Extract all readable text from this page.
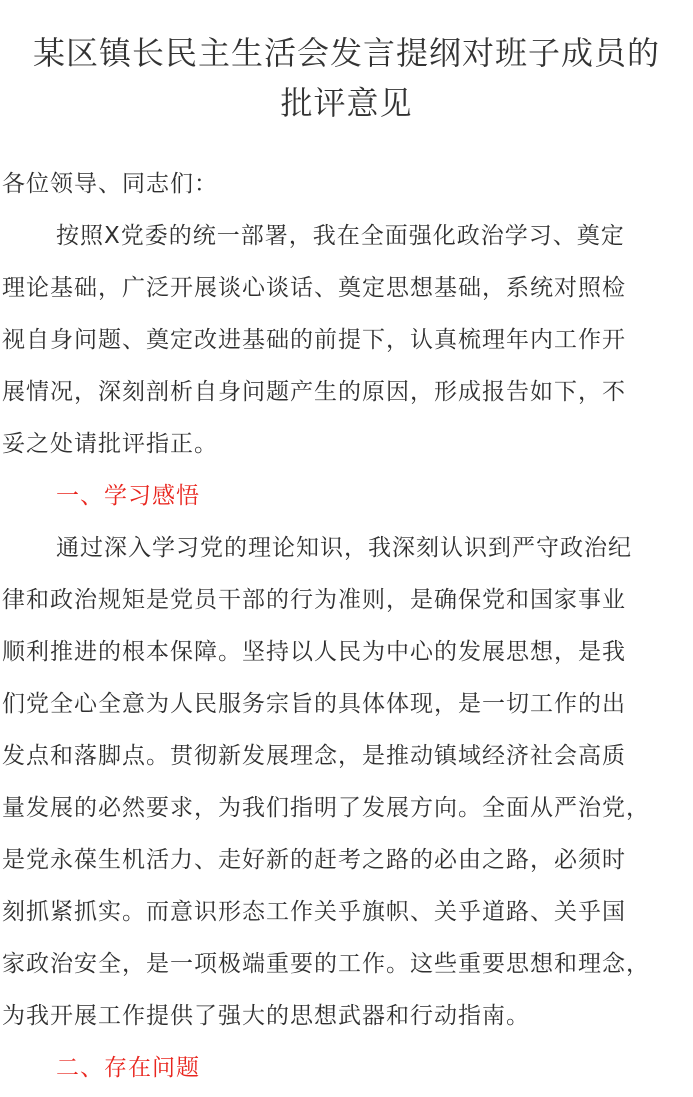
某区镇长民主生活会发言提纲对班子成员的
批评意见
各位领导、同志们：
按照X党委的统一部署，我在全面强化政治学习、奠定
理论基础，广泛开展谈心谈话、奠定思想基础，系统对照检
视自身问题、奠定改进基础的前提下，认真梳理年内工作开
展情况，深刻剖析自身问题产生的原因，形成报告如下，不
妥之处请批评指正。
一、学习感悟
通过深入学习党的理论知识，我深刻认识到严守政治纪
律和政治规矩是党员干部的行为准则，是确保党和国家事业
顺利推进的根本保障。坚持以人民为中心的发展思想，是我
们党全心全意为人民服务宗旨的具体体现，是一切工作的出
发点和落脚点。贯彻新发展理念，是推动镇域经济社会高质
量发展的必然要求，为我们指明了发展方向。全面从严治党，
是党永葆生机活力、走好新的赶考之路的必由之路，必须时
刻抓紧抓实。而意识形态工作关乎旗帜、关乎道路、关乎国
家政治安全，是一项极端重要的工作。这些重要思想和理念，
为我开展工作提供了强大的思想武器和行动指南。
二、存在问题
